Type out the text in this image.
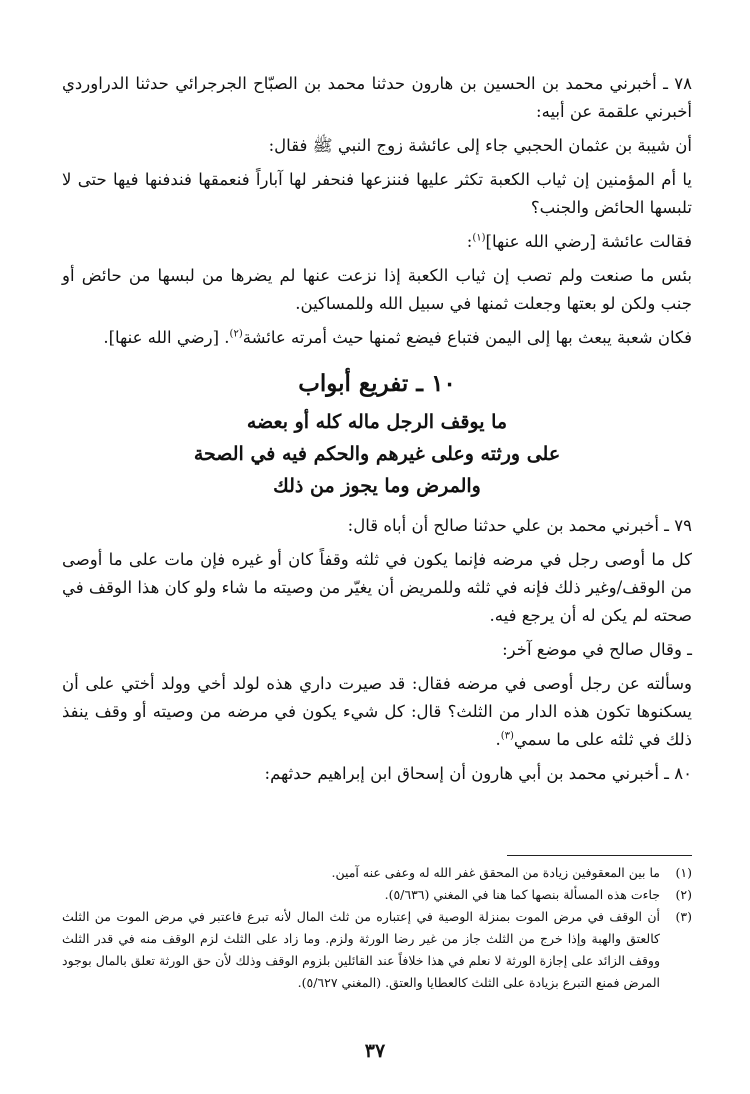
٧٨ ـ أخبرني محمد بن الحسين بن هارون حدثنا محمد بن الصبّاح الجرجرائي حدثنا الدراوردي أخبرني علقمة عن أبيه:

أن شيبة بن عثمان الحجبي جاء إلى عائشة زوج النبي ﷺ فقال:

يا أم المؤمنين إن ثياب الكعبة تكثر عليها فننزعها فنحفر لها آباراً فنعمقها فندفنها فيها حتى لا تلبسها الحائض والجنب؟

فقالت عائشة [رضي الله عنها]$^{(١)}$:

بئس ما صنعت ولم تصب إن ثياب الكعبة إذا نزعت عنها لم يضرها من لبسها من حائض أو جنب ولكن لو بعتها وجعلت ثمنها في سبيل الله وللمساكين.

فكان شعبة يبعث بها إلى اليمن فتباع فيضع ثمنها حيث أمرته عائشة$^{(٢)}$. [رضي الله عنها].

١٠ ـ تفريع أبواب

ما يوقف الرجل ماله كله أو بعضه

على ورثته وعلى غيرهم والحكم فيه في الصحة

والمرض وما يجوز من ذلك

٧٩ ـ أخبرني محمد بن علي حدثنا صالح أن أباه قال:

كل ما أوصى رجل في مرضه فإنما يكون في ثلثه وقفاً كان أو غيره فإن مات على ما أوصى من الوقف/وغير ذلك فإنه في ثلثه وللمريض أن يغيّر من وصيته ما شاء ولو كان هذا الوقف في صحته لم يكن له أن يرجع فيه.

ـ وقال صالح في موضع آخر:

وسألته عن رجل أوصى في مرضه فقال: قد صيرت داري هذه لولد أخي وولد أختي على أن يسكنوها تكون هذه الدار من الثلث؟ قال: كل شيء يكون في مرضه من وصيته أو وقف ينفذ ذلك في ثلثه على ما سمي$^{(٣)}$.

٨٠ ـ أخبرني محمد بن أبي هارون أن إسحاق ابن إبراهيم حدثهم:

(١)
ما بين المعقوفين زيادة من المحقق غفر الله له وعفى عنه آمين.
(٢)
جاءت هذه المسألة بنصها كما هنا في المغني (٥/٦٣٦).
(٣)
أن الوقف في مرض الموت بمنزلة الوصية في إعتباره من ثلث المال لأنه تبرع فاعتبر في مرض الموت من الثلث كالعتق والهبة وإذا خرج من الثلث جاز من غير رضا الورثة ولزم. وما زاد على الثلث لزم الوقف منه في قدر الثلث ووقف الزائد على إجازة الورثة لا نعلم في هذا خلافاً عند القائلين بلزوم الوقف وذلك لأن حق الورثة تعلق بالمال بوجود المرض فمنع التبرع بزيادة على الثلث كالعطايا والعتق. (المغني ٥/٦٢٧).
٣٧
